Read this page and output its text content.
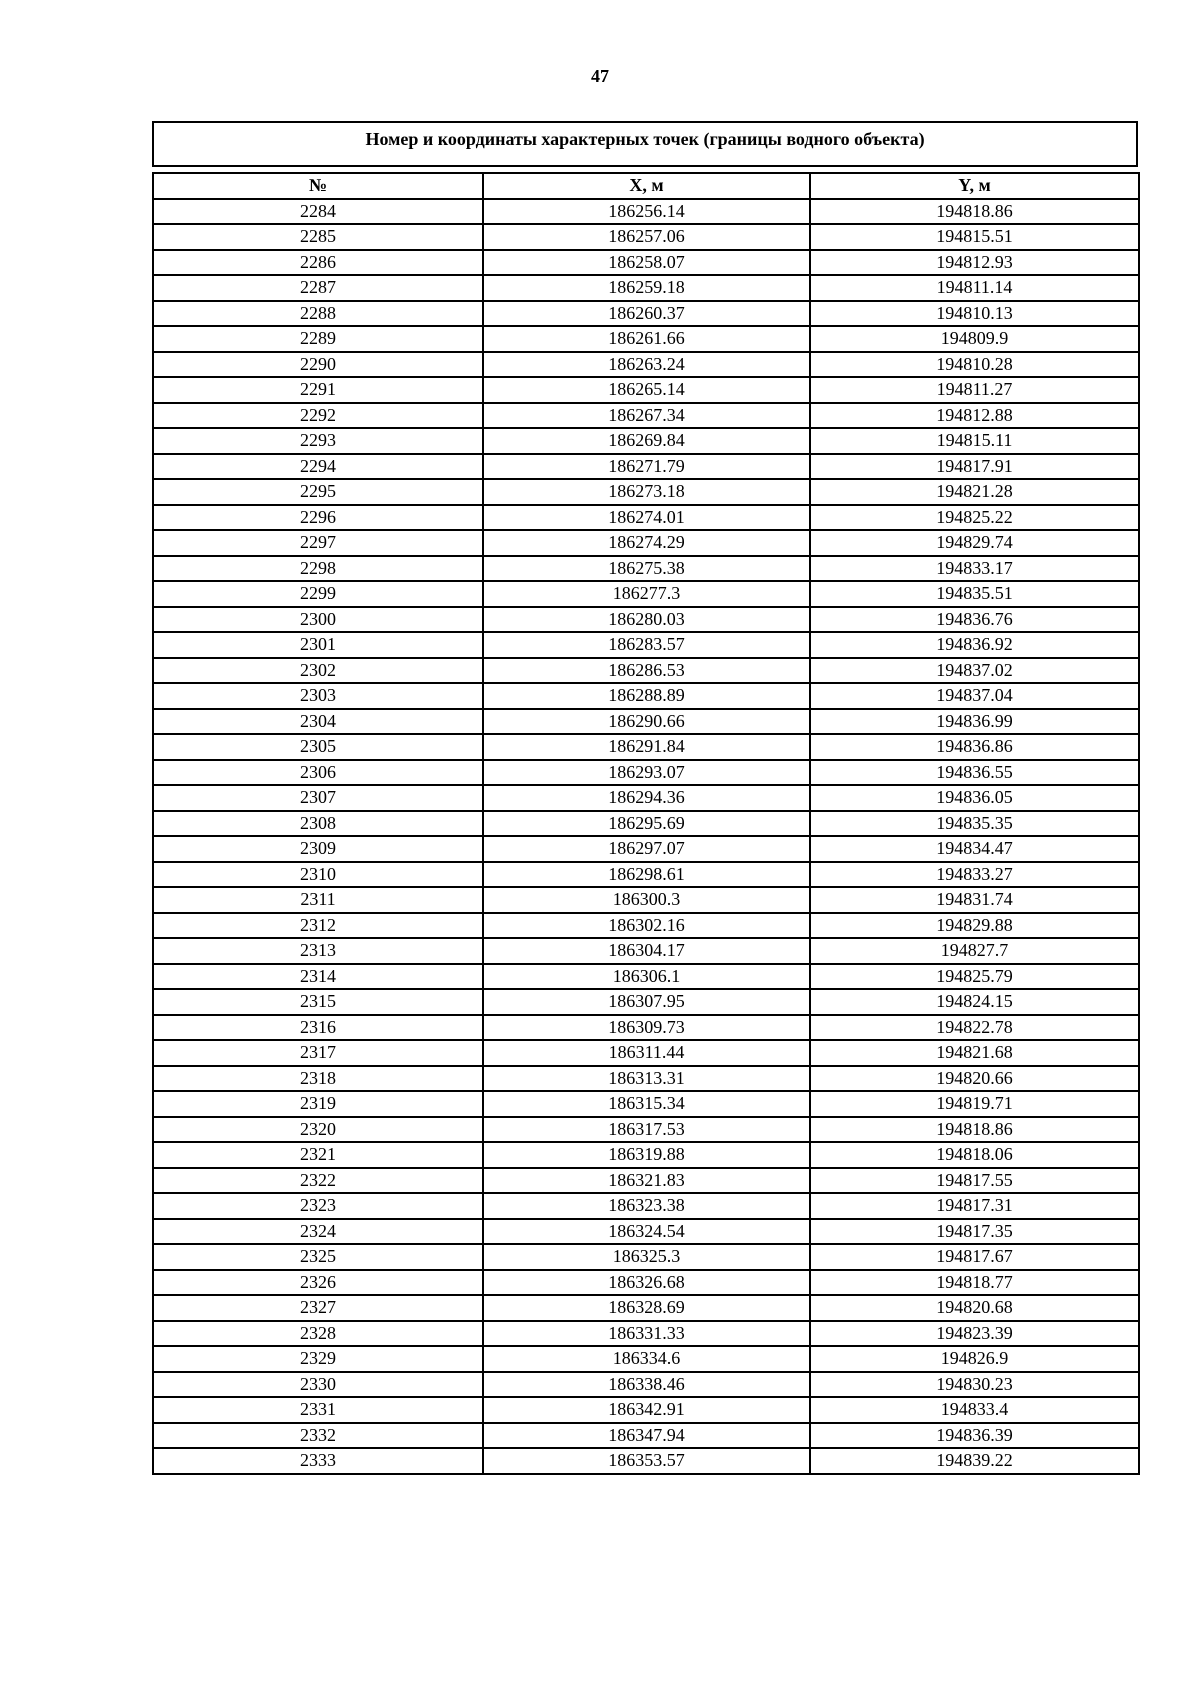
47
Номер и координаты характерных точек (границы водного объекта)
№	X, м	Y, м
2284	186256.14	194818.86
2285	186257.06	194815.51
2286	186258.07	194812.93
2287	186259.18	194811.14
2288	186260.37	194810.13
2289	186261.66	194809.9
2290	186263.24	194810.28
2291	186265.14	194811.27
2292	186267.34	194812.88
2293	186269.84	194815.11
2294	186271.79	194817.91
2295	186273.18	194821.28
2296	186274.01	194825.22
2297	186274.29	194829.74
2298	186275.38	194833.17
2299	186277.3	194835.51
2300	186280.03	194836.76
2301	186283.57	194836.92
2302	186286.53	194837.02
2303	186288.89	194837.04
2304	186290.66	194836.99
2305	186291.84	194836.86
2306	186293.07	194836.55
2307	186294.36	194836.05
2308	186295.69	194835.35
2309	186297.07	194834.47
2310	186298.61	194833.27
2311	186300.3	194831.74
2312	186302.16	194829.88
2313	186304.17	194827.7
2314	186306.1	194825.79
2315	186307.95	194824.15
2316	186309.73	194822.78
2317	186311.44	194821.68
2318	186313.31	194820.66
2319	186315.34	194819.71
2320	186317.53	194818.86
2321	186319.88	194818.06
2322	186321.83	194817.55
2323	186323.38	194817.31
2324	186324.54	194817.35
2325	186325.3	194817.67
2326	186326.68	194818.77
2327	186328.69	194820.68
2328	186331.33	194823.39
2329	186334.6	194826.9
2330	186338.46	194830.23
2331	186342.91	194833.4
2332	186347.94	194836.39
2333	186353.57	194839.22
